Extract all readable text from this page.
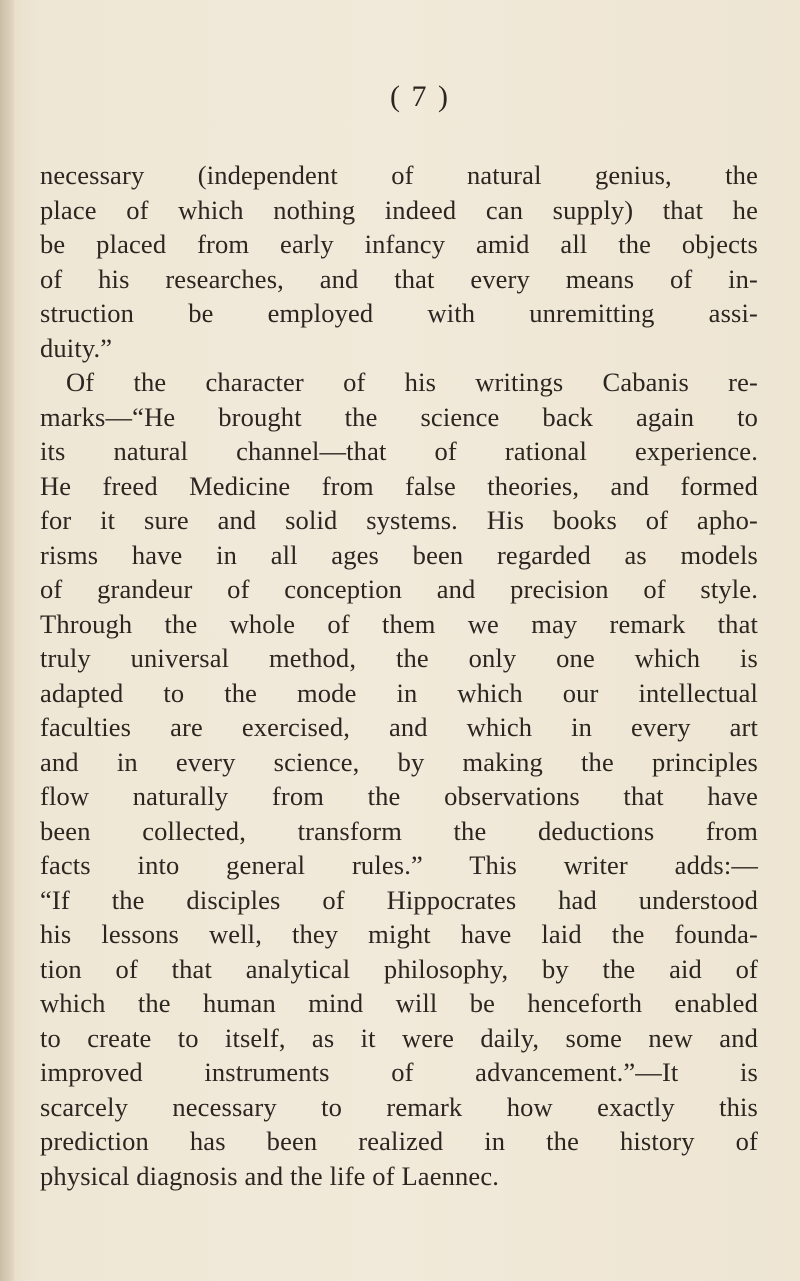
( 7 )
necessary (independent of natural genius, the
place of which nothing indeed can supply) that he
be placed from early infancy amid all the objects
of his researches, and that every means of in-
struction be employed with unremitting assi-
duity.”
Of the character of his writings Cabanis re-
marks—“He brought the science back again to
its natural channel—that of rational experience.
He freed Medicine from false theories, and formed
for it sure and solid systems. His books of apho-
risms have in all ages been regarded as models
of grandeur of conception and precision of style.
Through the whole of them we may remark that
truly universal method, the only one which is
adapted to the mode in which our intellectual
faculties are exercised, and which in every art
and in every science, by making the principles
flow naturally from the observations that have
been collected, transform the deductions from
facts into general rules.” This writer adds:—
“If the disciples of Hippocrates had understood
his lessons well, they might have laid the founda-
tion of that analytical philosophy, by the aid of
which the human mind will be henceforth enabled
to create to itself, as it were daily, some new and
improved instruments of advancement.”—It is
scarcely necessary to remark how exactly this
prediction has been realized in the history of
physical diagnosis and the life of Laennec.
